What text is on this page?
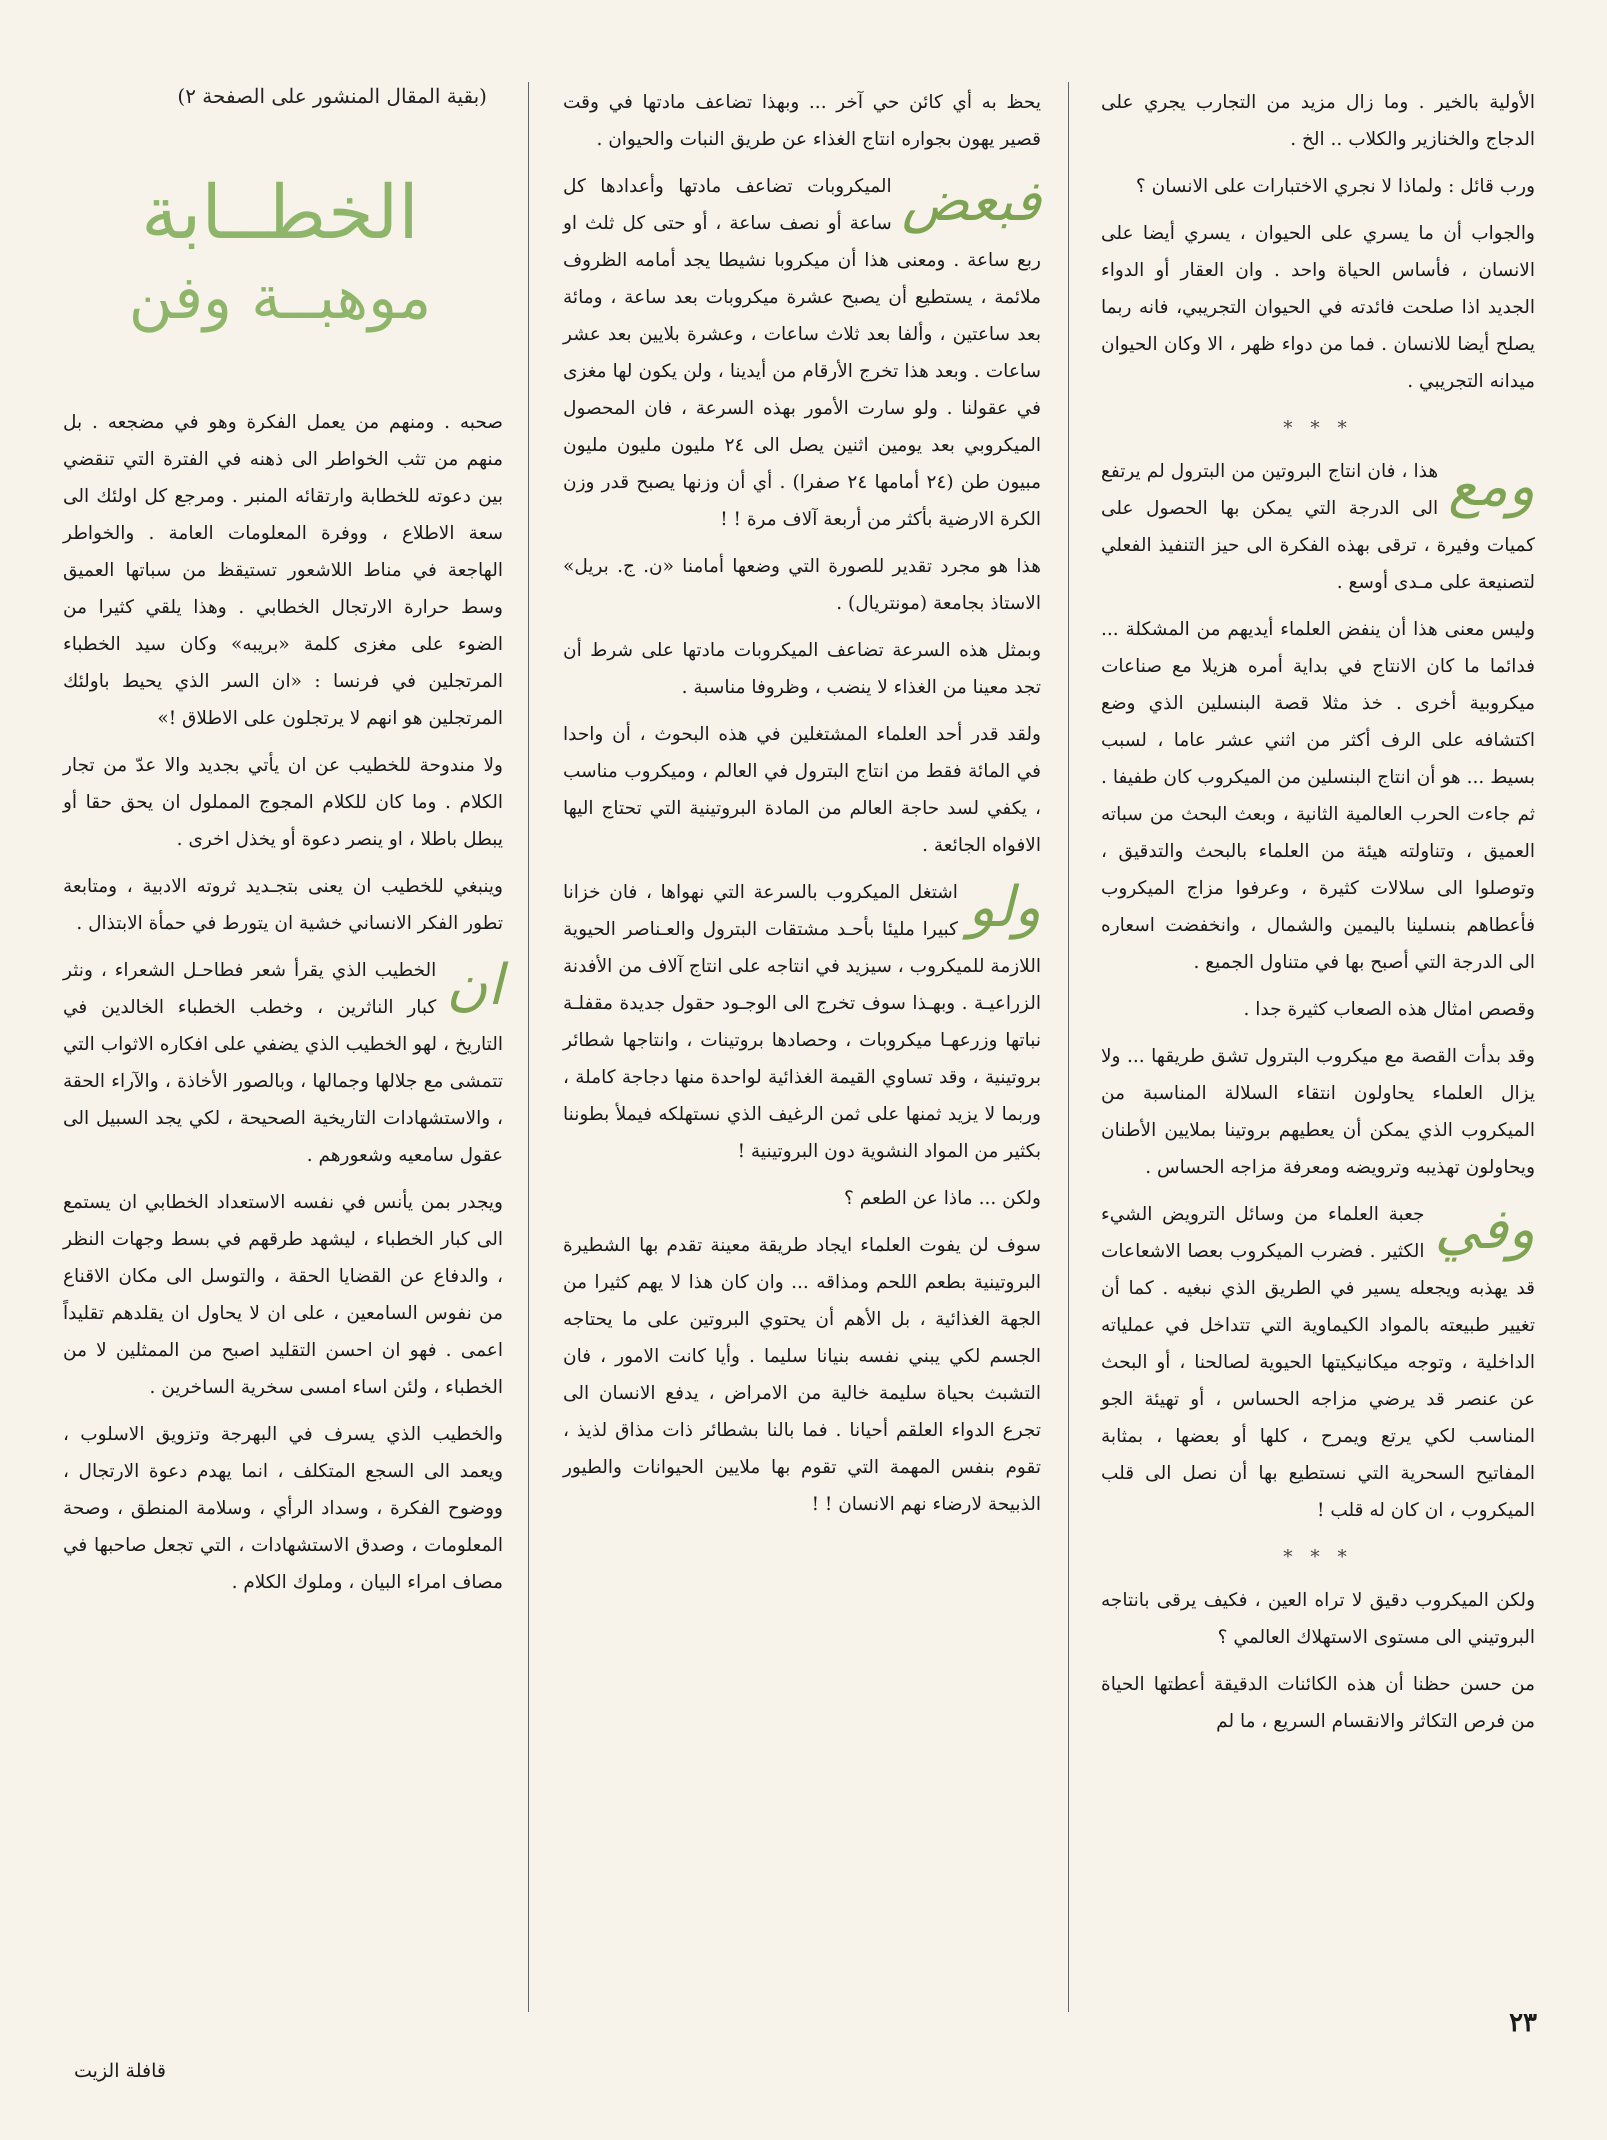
الأولية بالخير . وما زال مزيد من التجارب يجري على الدجاج والخنازير والكلاب .. الخ .

ورب قائل : ولماذا لا نجري الاختبارات على الانسان ؟

والجواب أن ما يسري على الحيوان ، يسري أيضا على الانسان ، فأساس الحياة واحد . وان العقار أو الدواء الجديد اذا صلحت فائدته في الحيوان التجريبي، فانه ربما يصلح أيضا للانسان . فما من دواء ظهر ، الا وكان الحيوان ميدانه التجريبي .

* * *

ومع
هذا ، فان انتاج البروتين من البترول لم يرتفع الى الدرجة التي يمكن بها الحصول على كميات وفيرة ، ترقى بهذه الفكرة الى حيز التنفيذ الفعلي لتصنيعة على مـدى أوسع .

وليس معنى هذا أن ينفض العلماء أيديهم من المشكلة ... فدائما ما كان الانتاج في بداية أمره هزيلا مع صناعات ميكروبية أخرى . خذ مثلا قصة البنسلين الذي وضع اكتشافه على الرف أكثر من اثني عشر عاما ، لسبب بسيط ... هو أن انتاج البنسلين من الميكروب كان طفيفا . ثم جاءت الحرب العالمية الثانية ، وبعث البحث من سباته العميق ، وتناولته هيئة من العلماء بالبحث والتدقيق ، وتوصلوا الى سلالات كثيرة ، وعرفوا مزاج الميكروب فأعطاهم بنسلينا باليمين والشمال ، وانخفضت اسعاره الى الدرجة التي أصبح بها في متناول الجميع .

وقصص امثال هذه الصعاب كثيرة جدا .

وقد بدأت القصة مع ميكروب البترول تشق طريقها ... ولا يزال العلماء يحاولون انتقاء السلالة المناسبة من الميكروب الذي يمكن أن يعطيهم بروتينا بملايين الأطنان ويحاولون تهذيبه وترويضه ومعرفة مزاجه الحساس .

وفي
جعبة العلماء من وسائل الترويض الشيء الكثير . فضرب الميكروب بعصا الاشعاعات قد يهذبه ويجعله يسير في الطريق الذي نبغيه . كما أن تغيير طبيعته بالمواد الكيماوية التي تتداخل في عملياته الداخلية ، وتوجه ميكانيكيتها الحيوية لصالحنا ، أو البحث عن عنصر قد يرضي مزاجه الحساس ، أو تهيئة الجو المناسب لكي يرتع ويمرح ، كلها أو بعضها ، بمثابة المفاتيح السحرية التي نستطيع بها أن نصل الى قلب الميكروب ، ان كان له قلب !

* * *

ولكن الميكروب دقيق لا تراه العين ، فكيف يرقى بانتاجه البروتيني الى مستوى الاستهلاك العالمي ؟

من حسن حظنا أن هذه الكائنات الدقيقة أعطتها الحياة من فرص التكاثر والانقسام السريع ، ما لم

يحظ به أي كائن حي آخر ... وبهذا تضاعف مادتها في وقت قصير يهون بجواره انتاج الغذاء عن طريق النبات والحيوان .

فبعض
الميكروبات تضاعف مادتها وأعدادها كل ساعة أو نصف ساعة ، أو حتى كل ثلث او ربع ساعة . ومعنى هذا أن ميكروبا نشيطا يجد أمامه الظروف ملائمة ، يستطيع أن يصبح عشرة ميكروبات بعد ساعة ، ومائة بعد ساعتين ، وألفا بعد ثلاث ساعات ، وعشرة بلايين بعد عشر ساعات . وبعد هذا تخرج الأرقام من أيدينا ، ولن يكون لها مغزى في عقولنا . ولو سارت الأمور بهذه السرعة ، فان المحصول الميكروبي بعد يومين اثنين يصل الى ٢٤ مليون مليون مليون مبيون طن (٢٤ أمامها ٢٤ صفرا) . أي أن وزنها يصبح قدر وزن الكرة الارضية بأكثر من أربعة آلاف مرة ! !

هذا هو مجرد تقدير للصورة التي وضعها أمامنا «ن. ج. بريل» الاستاذ بجامعة (مونتريال) .

وبمثل هذه السرعة تضاعف الميكروبات مادتها على شرط أن تجد معينا من الغذاء لا ينضب ، وظروفا مناسبة .

ولقد قدر أحد العلماء المشتغلين في هذه البحوث ، أن واحدا في المائة فقط من انتاج البترول في العالم ، وميكروب مناسب ، يكفي لسد حاجة العالم من المادة البروتينية التي تحتاج اليها الافواه الجائعة .

ولو
اشتغل الميكروب بالسرعة التي نهواها ، فان خزانا كبيرا مليئا بأحـد مشتقات البترول والعـناصر الحيوية اللازمة للميكروب ، سيزيد في انتاجه على انتاج آلاف من الأفدنة الزراعيـة . وبهـذا سوف تخرج الى الوجـود حقول جديدة مقفلـة نباتها وزرعهـا ميكروبات ، وحصادها بروتينات ، وانتاجها شطائر بروتينية ، وقد تساوي القيمة الغذائية لواحدة منها دجاجة كاملة ، وربما لا يزيد ثمنها على ثمن الرغيف الذي نستهلكه فيملأ بطوننا بكثير من المواد النشوية دون البروتينية !

ولكن ... ماذا عن الطعم ؟

سوف لن يفوت العلماء ايجاد طريقة معينة تقدم بها الشطيرة البروتينية بطعم اللحم ومذاقه ... وان كان هذا لا يهم كثيرا من الجهة الغذائية ، بل الأهم أن يحتوي البروتين على ما يحتاجه الجسم لكي يبني نفسه بنيانا سليما . وأيا كانت الامور ، فان التشبث بحياة سليمة خالية من الامراض ، يدفع الانسان الى تجرع الدواء العلقم أحيانا . فما بالنا بشطائر ذات مذاق لذيذ ، تقوم بنفس المهمة التي تقوم بها ملايين الحيوانات والطيور الذبيحة لارضاء نهم الانسان ! !

(بقية المقال المنشور على الصفحة ٢)
الخطــابة
موهبــة وفن

صحبه . ومنهم من يعمل الفكرة وهو في مضجعه . بل منهم من تثب الخواطر الى ذهنه في الفترة التي تنقضي بين دعوته للخطابة وارتقائه المنبر . ومرجع كل اولئك الى سعة الاطلاع ، ووفرة المعلومات العامة . والخواطر الهاجعة في مناط اللاشعور تستيقظ من سباتها العميق وسط حرارة الارتجال الخطابي . وهذا يلقي كثيرا من الضوء على مغزى كلمة «بريبه» وكان سيد الخطباء المرتجلين في فرنسا : «ان السر الذي يحيط باولئك المرتجلين هو انهم لا يرتجلون على الاطلاق !»

ولا مندوحة للخطيب عن ان يأتي بجديد والا عدّ من تجار الكلام . وما كان للكلام المجوج المملول ان يحق حقا أو يبطل باطلا ، او ينصر دعوة أو يخذل اخرى .

وينبغي للخطيب ان يعنى بتجـديد ثروته الادبية ، ومتابعة تطور الفكر الانساني خشية ان يتورط في حمأة الابتذال .

ان
الخطيب الذي يقرأ شعر فطاحـل الشعراء ، ونثر كبار الناثرين ، وخطب الخطباء الخالدين في التاريخ ، لهو الخطيب الذي يضفي على افكاره الاثواب التي تتمشى مع جلالها وجمالها ، وبالصور الأخاذة ، والآراء الحقة ، والاستشهادات التاريخية الصحيحة ، لكي يجد السبيل الى عقول سامعيه وشعورهم .

ويجدر بمن يأنس في نفسه الاستعداد الخطابي ان يستمع الى كبار الخطباء ، ليشهد طرقهم في بسط وجهات النظر ، والدفاع عن القضايا الحقة ، والتوسل الى مكان الاقناع من نفوس السامعين ، على ان لا يحاول ان يقلدهم تقليداً اعمى . فهو ان احسن التقليد اصبح من الممثلين لا من الخطباء ، ولئن اساء امسى سخرية الساخرين .

والخطيب الذي يسرف في البهرجة وتزويق الاسلوب ، ويعمد الى السجع المتكلف ، انما يهدم دعوة الارتجال ، ووضوح الفكرة ، وسداد الرأي ، وسلامة المنطق ، وصحة المعلومات ، وصدق الاستشهادات ، التي تجعل صاحبها في مصاف امراء البيان ، وملوك الكلام .

٢٣
قافلة الزيت
